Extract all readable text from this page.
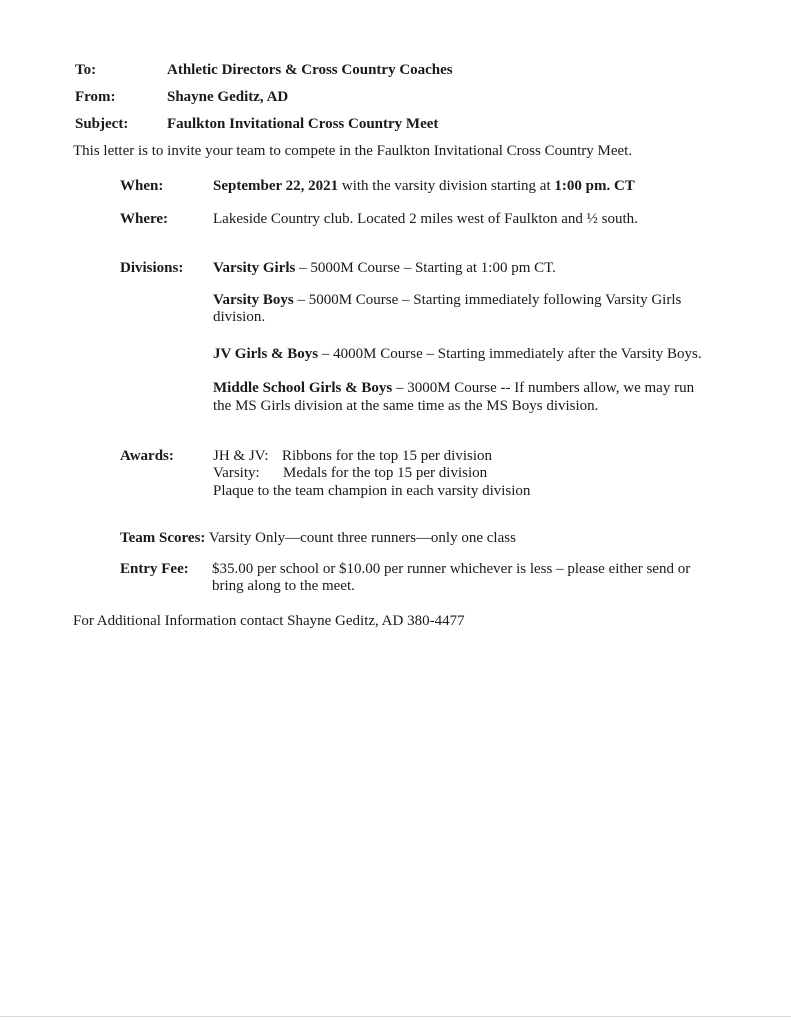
To:	Athletic Directors & Cross Country Coaches
From:	Shayne Geditz, AD
Subject:	Faulkton Invitational Cross Country Meet
This letter is to invite your team to compete in the Faulkton Invitational Cross Country Meet.
When:	September 22, 2021 with the varsity division starting at 1:00 pm. CT
Where:	Lakeside Country club. Located 2 miles west of Faulkton and ½ south.
Divisions: Varsity Girls – 5000M Course – Starting at 1:00 pm CT.
Varsity Boys – 5000M Course – Starting immediately following Varsity Girls
division.
JV Girls & Boys – 4000M Course – Starting immediately after the Varsity Boys.
Middle School Girls & Boys – 3000M Course -- If numbers allow, we may run
the MS Girls division at the same time as the MS Boys division.
Awards:	JH & JV: Ribbons for the top 15 per division
Varsity: Medals for the top 15 per division
Plaque to the team champion in each varsity division
Team Scores: Varsity Only—count three runners—only one class
Entry Fee: $35.00 per school or $10.00 per runner whichever is less – please either send or
bring along to the meet.
For Additional Information contact Shayne Geditz, AD 380-4477
